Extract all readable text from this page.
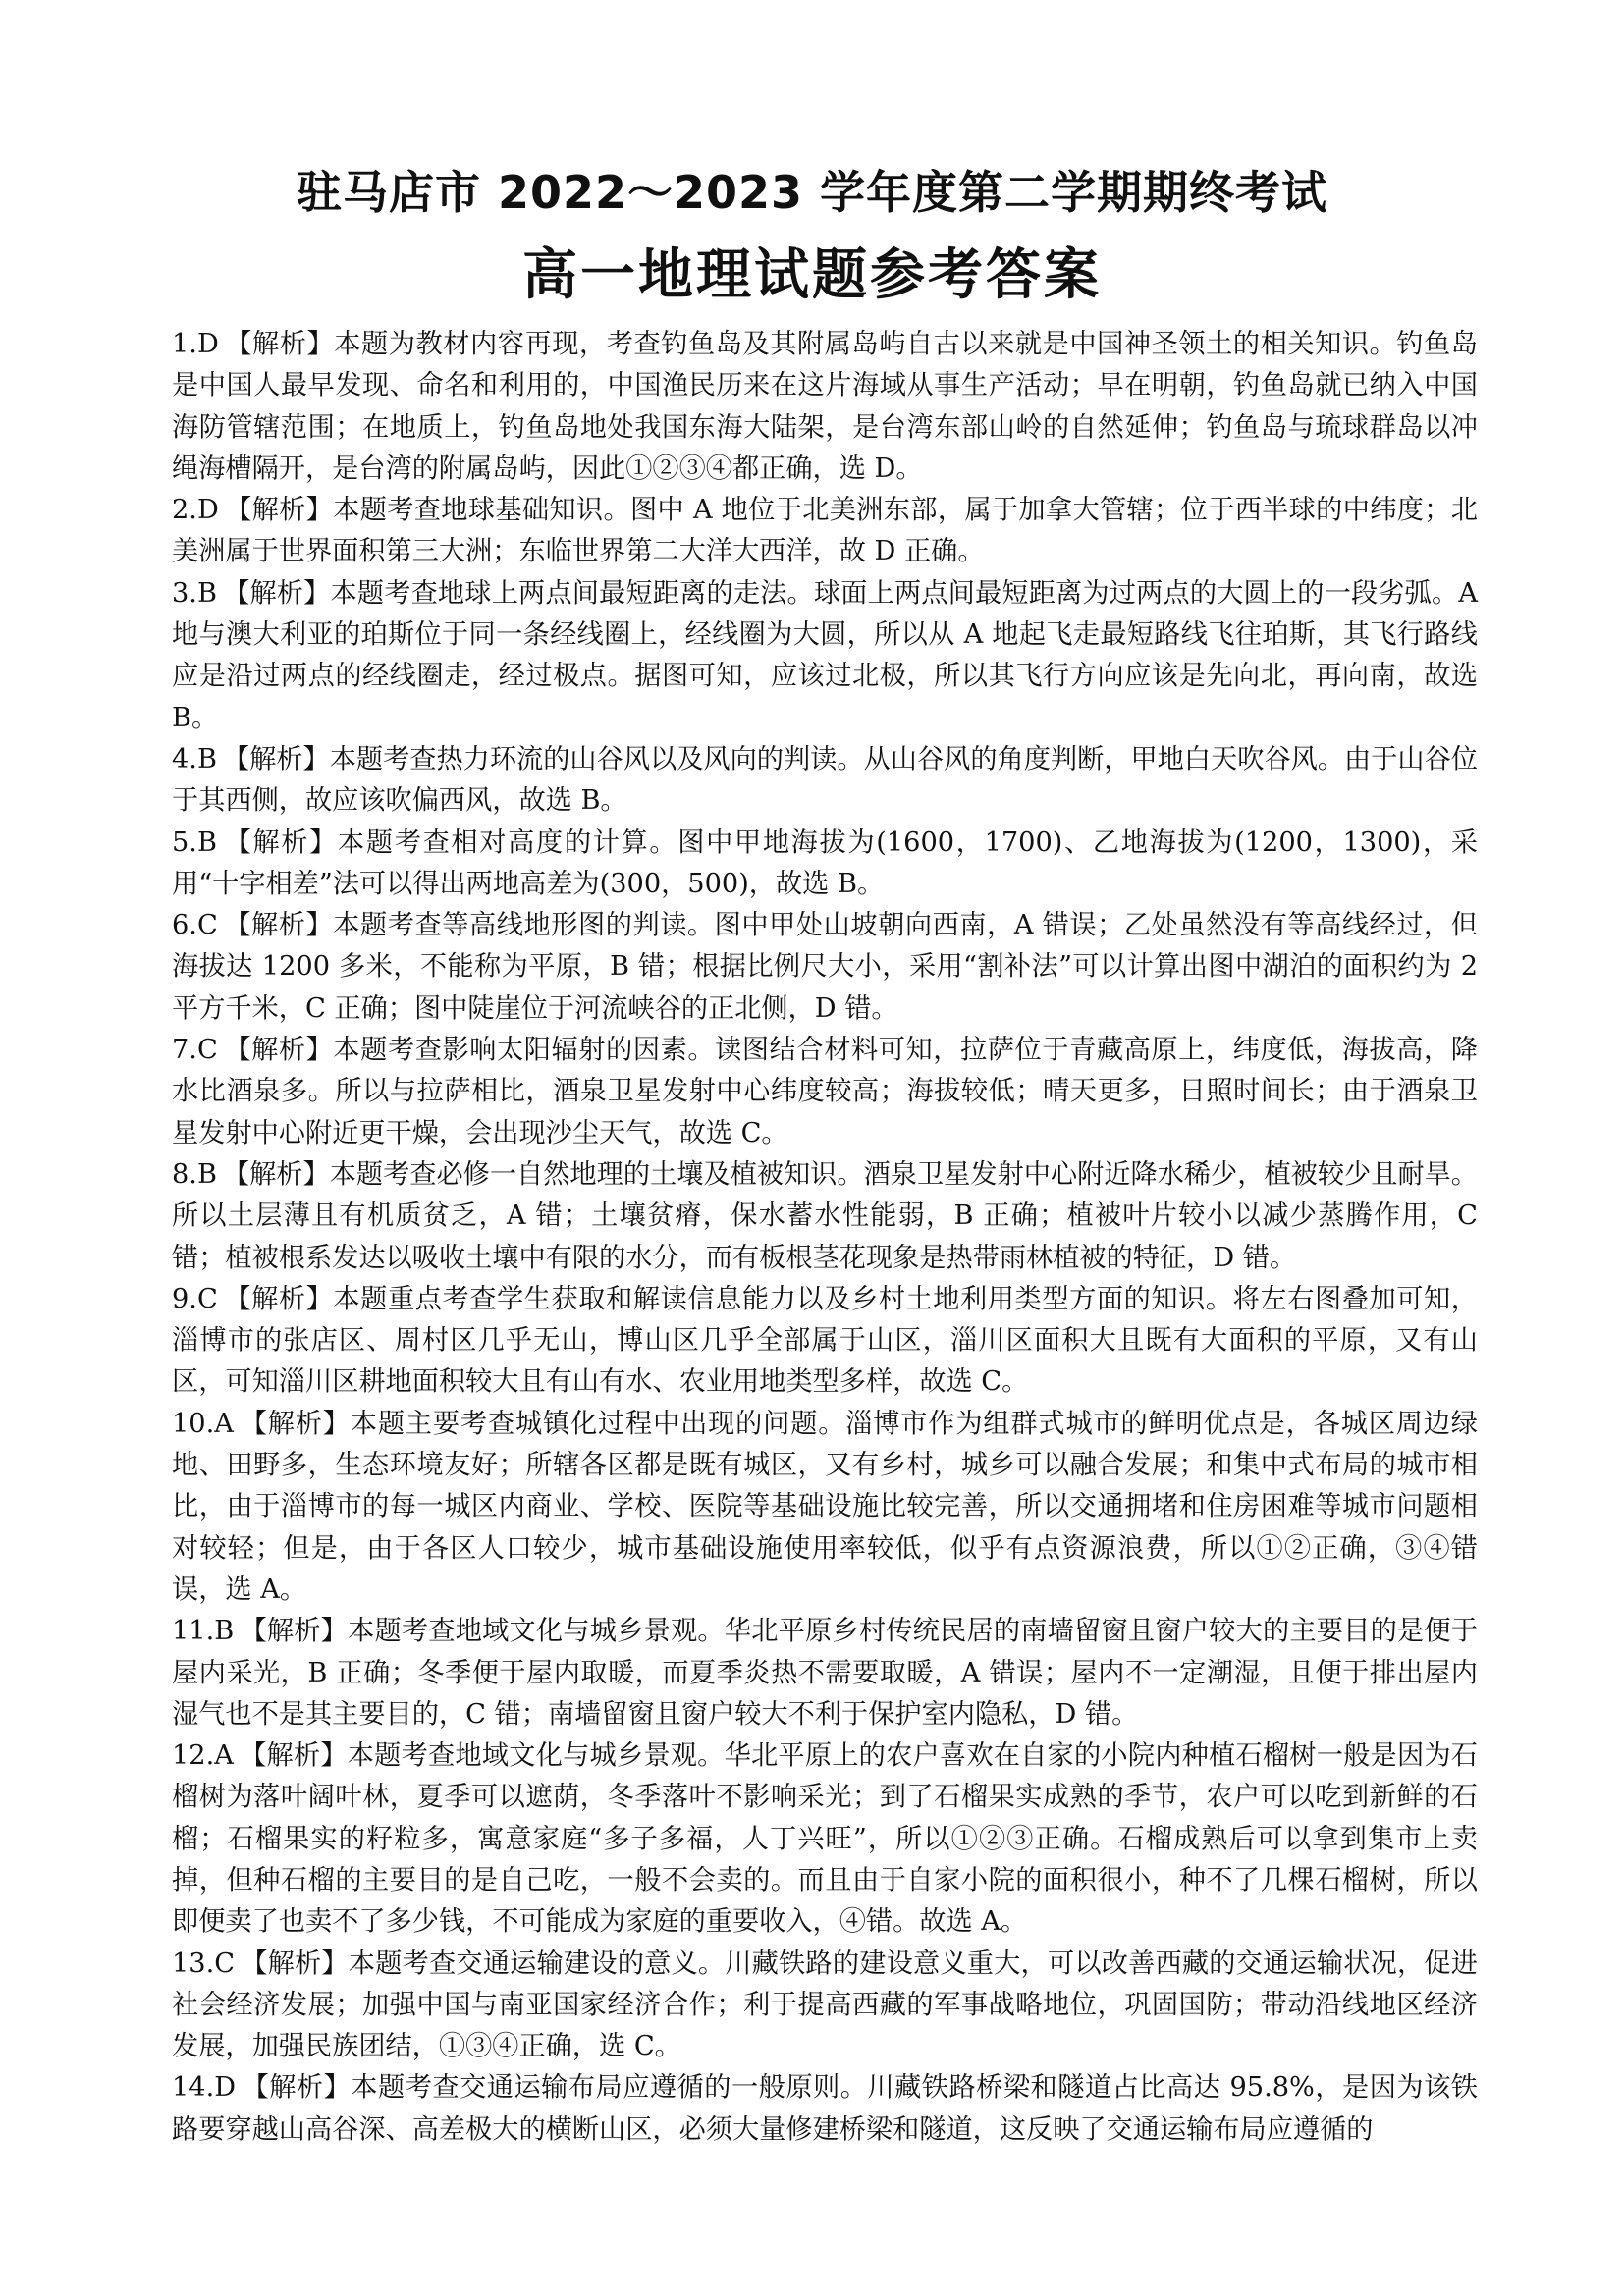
驻马店市 2022～2023 学年度第二学期期终考试
高一地理试题参考答案

1.D 【解析】本题为教材内容再现，考查钓鱼岛及其附属岛屿自古以来就是中国神圣领土的相关知识。钓鱼岛是中国人最早发现、命名和利用的，中国渔民历来在这片海域从事生产活动；早在明朝，钓鱼岛就已纳入中国海防管辖范围；在地质上，钓鱼岛地处我国东海大陆架，是台湾东部山岭的自然延伸；钓鱼岛与琉球群岛以冲绳海槽隔开，是台湾的附属岛屿，因此①②③④都正确，选 D。

2.D 【解析】本题考查地球基础知识。图中 A 地位于北美洲东部，属于加拿大管辖；位于西半球的中纬度；北美洲属于世界面积第三大洲；东临世界第二大洋大西洋，故 D 正确。

3.B 【解析】本题考查地球上两点间最短距离的走法。球面上两点间最短距离为过两点的大圆上的一段劣弧。A 地与澳大利亚的珀斯位于同一条经线圈上，经线圈为大圆，所以从 A 地起飞走最短路线飞往珀斯，其飞行路线应是沿过两点的经线圈走，经过极点。据图可知，应该过北极，所以其飞行方向应该是先向北，再向南，故选 B。

4.B 【解析】本题考查热力环流的山谷风以及风向的判读。从山谷风的角度判断，甲地白天吹谷风。由于山谷位于其西侧，故应该吹偏西风，故选 B。

5.B 【解析】本题考查相对高度的计算。图中甲地海拔为(1600，1700)、乙地海拔为(1200，1300)，采用“十字相差”法可以得出两地高差为(300，500)，故选 B。

6.C 【解析】本题考查等高线地形图的判读。图中甲处山坡朝向西南，A 错误；乙处虽然没有等高线经过，但海拔达 1200 多米，不能称为平原，B 错；根据比例尺大小，采用“割补法”可以计算出图中湖泊的面积约为 2 平方千米，C 正确；图中陡崖位于河流峡谷的正北侧，D 错。

7.C 【解析】本题考查影响太阳辐射的因素。读图结合材料可知，拉萨位于青藏高原上，纬度低，海拔高，降水比酒泉多。所以与拉萨相比，酒泉卫星发射中心纬度较高；海拔较低；晴天更多，日照时间长；由于酒泉卫星发射中心附近更干燥，会出现沙尘天气，故选 C。

8.B 【解析】本题考查必修一自然地理的土壤及植被知识。酒泉卫星发射中心附近降水稀少，植被较少且耐旱。所以土层薄且有机质贫乏，A 错；土壤贫瘠，保水蓄水性能弱，B 正确；植被叶片较小以减少蒸腾作用，C 错；植被根系发达以吸收土壤中有限的水分，而有板根茎花现象是热带雨林植被的特征，D 错。

9.C 【解析】本题重点考查学生获取和解读信息能力以及乡村土地利用类型方面的知识。将左右图叠加可知，淄博市的张店区、周村区几乎无山，博山区几乎全部属于山区，淄川区面积大且既有大面积的平原，又有山区，可知淄川区耕地面积较大且有山有水、农业用地类型多样，故选 C。

10.A 【解析】本题主要考查城镇化过程中出现的问题。淄博市作为组群式城市的鲜明优点是，各城区周边绿地、田野多，生态环境友好；所辖各区都是既有城区，又有乡村，城乡可以融合发展；和集中式布局的城市相比，由于淄博市的每一城区内商业、学校、医院等基础设施比较完善，所以交通拥堵和住房困难等城市问题相对较轻；但是，由于各区人口较少，城市基础设施使用率较低，似乎有点资源浪费，所以①②正确，③④错误，选 A。

11.B 【解析】本题考查地域文化与城乡景观。华北平原乡村传统民居的南墙留窗且窗户较大的主要目的是便于屋内采光，B 正确；冬季便于屋内取暖，而夏季炎热不需要取暖，A 错误；屋内不一定潮湿，且便于排出屋内湿气也不是其主要目的，C 错；南墙留窗且窗户较大不利于保护室内隐私，D 错。

12.A 【解析】本题考查地域文化与城乡景观。华北平原上的农户喜欢在自家的小院内种植石榴树一般是因为石榴树为落叶阔叶林，夏季可以遮荫，冬季落叶不影响采光；到了石榴果实成熟的季节，农户可以吃到新鲜的石榴；石榴果实的籽粒多，寓意家庭“多子多福，人丁兴旺”，所以①②③正确。石榴成熟后可以拿到集市上卖掉，但种石榴的主要目的是自己吃，一般不会卖的。而且由于自家小院的面积很小，种不了几棵石榴树，所以即便卖了也卖不了多少钱，不可能成为家庭的重要收入，④错。故选 A。

13.C 【解析】本题考查交通运输建设的意义。川藏铁路的建设意义重大，可以改善西藏的交通运输状况，促进社会经济发展；加强中国与南亚国家经济合作；利于提高西藏的军事战略地位，巩固国防；带动沿线地区经济发展，加强民族团结，①③④正确，选 C。

14.D 【解析】本题考查交通运输布局应遵循的一般原则。川藏铁路桥梁和隧道占比高达 95.8%，是因为该铁路要穿越山高谷深、高差极大的横断山区，必须大量修建桥梁和隧道，这反映了交通运输布局应遵循的
